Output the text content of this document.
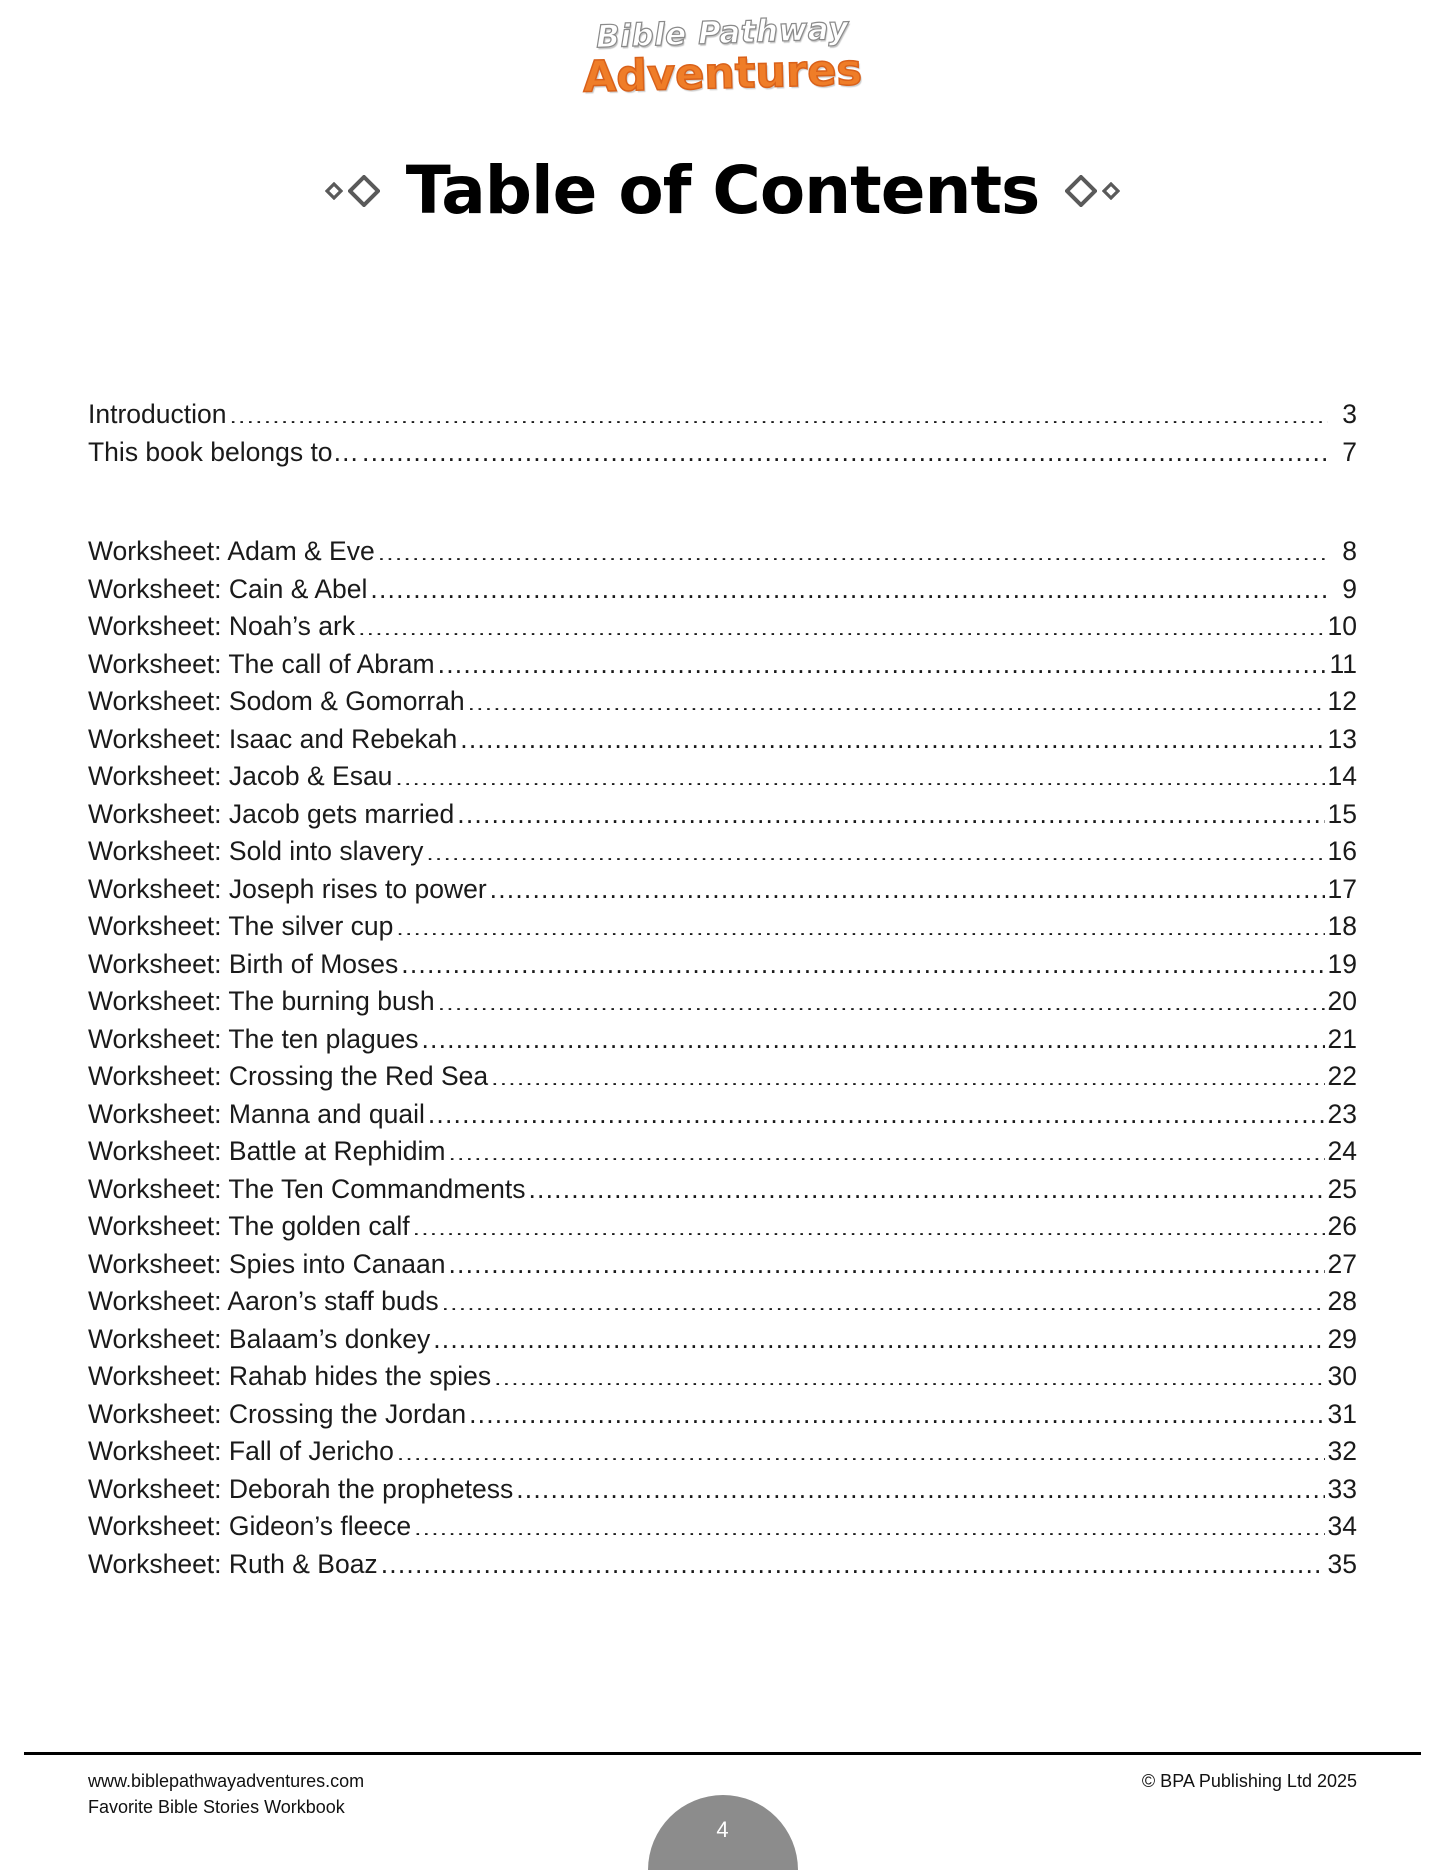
Bible Pathway
Adventures
Table of Contents
Introduction .....	3
This book belongs to… .....	7
Worksheet: Adam & Eve .....	8
Worksheet: Cain & Abel .....	9
Worksheet: Noah’s ark .....	10
Worksheet: The call of Abram .....	11
Worksheet: Sodom & Gomorrah .....	12
Worksheet: Isaac and Rebekah .....	13
Worksheet: Jacob & Esau .....	14
Worksheet: Jacob gets married .....	15
Worksheet: Sold into slavery .....	16
Worksheet: Joseph rises to power .....	17
Worksheet: The silver cup .....	18
Worksheet: Birth of Moses .....	19
Worksheet: The burning bush .....	20
Worksheet: The ten plagues .....	21
Worksheet: Crossing the Red Sea .....	22
Worksheet: Manna and quail .....	23
Worksheet: Battle at Rephidim .....	24
Worksheet: The Ten Commandments .....	25
Worksheet: The golden calf .....	26
Worksheet: Spies into Canaan .....	27
Worksheet: Aaron’s staff buds .....	28
Worksheet: Balaam’s donkey .....	29
Worksheet: Rahab hides the spies .....	30
Worksheet: Crossing the Jordan .....	31
Worksheet: Fall of Jericho .....	32
Worksheet: Deborah the prophetess .....	33
Worksheet: Gideon’s fleece .....	34
Worksheet: Ruth & Boaz .....	35
www.biblepathwayadventures.com
Favorite Bible Stories Workbook
© BPA Publishing Ltd 2025
4
